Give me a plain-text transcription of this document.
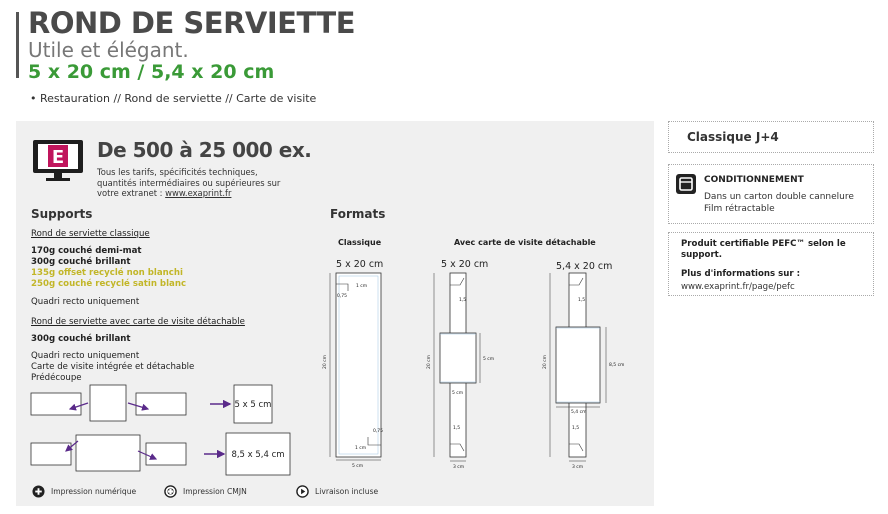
ROND DE SERVIETTE
Utile et élégant.
5 x 20 cm / 5,4 x 20 cm
• Restauration // Rond de serviette // Carte de visite
E De 500 à 25 000 ex.
Tous les tarifs, spécificités techniques,
quantités intermédiaires ou supérieures sur
votre extranet : www.exaprint.fr
Supports
Rond de serviette classique
170g couché demi-mat
300g couché brillant
135g offset recyclé non blanchi
250g couché recyclé satin blanc
Quadri recto uniquement
Rond de serviette avec carte de visite détachable
300g couché brillant
Quadri recto uniquement
Carte de visite intégrée et détachable
Prédécoupe
5 x 5 cm
8,5 x 5,4 cm
Impression numérique	Impression CMJN	Livraison incluse
Formats
Classique	Avec carte de visite détachable
5 x 20 cm	5 x 20 cm	5,4 x 20 cm
1 cm
0,75
0,75
1 cm
5 cm
20 cm
1,5
5 cm
5 cm
1,5
3 cm
20 cm
1,5
8,5 cm
5,4 cm
1,5
3 cm
20 cm
Classique J+4
CONDITIONNEMENT
Dans un carton double cannelure
Film rétractable
Produit certifiable PEFC™ selon le support.
Plus d'informations sur :
www.exaprint.fr/page/pefc
